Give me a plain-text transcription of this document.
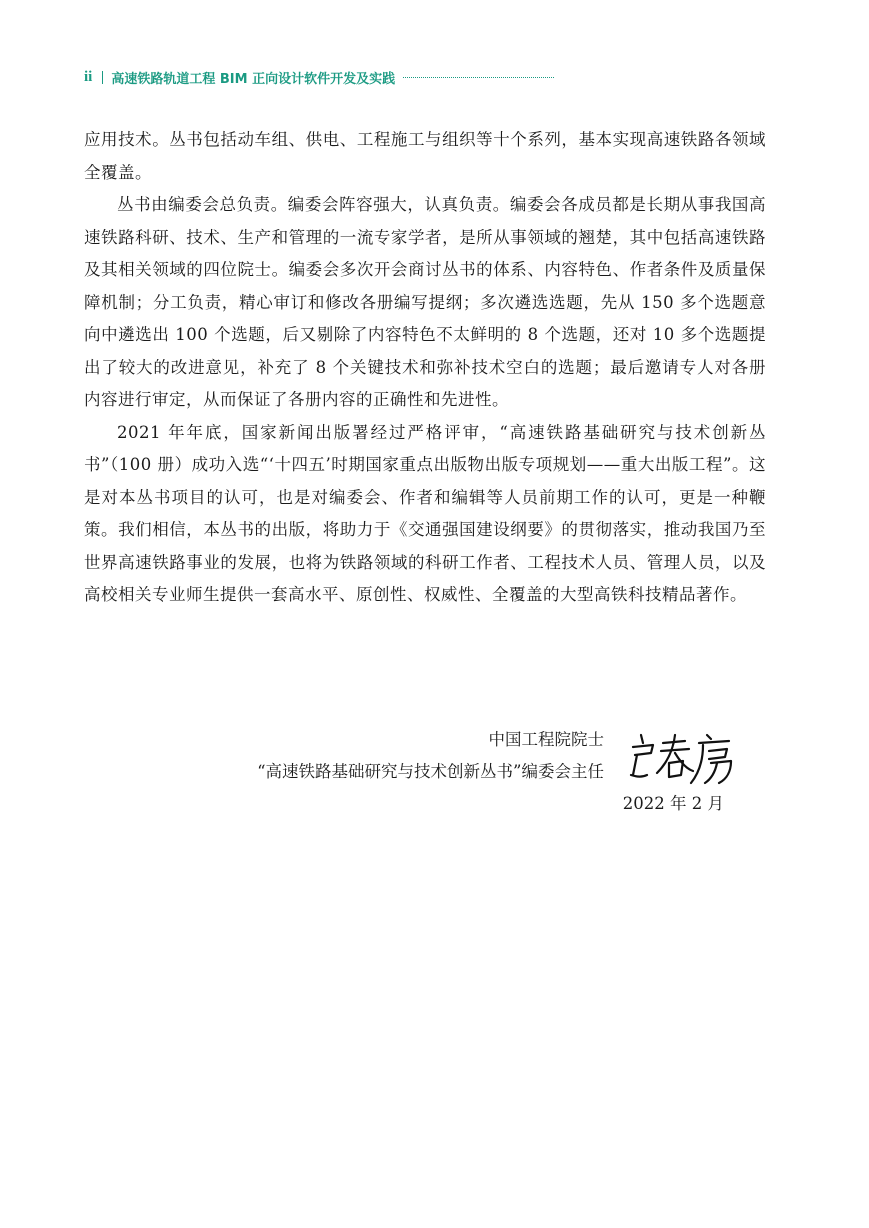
ii 高速铁路轨道工程 BIM 正向设计软件开发及实践

应用技术。丛书包括动车组、供电、工程施工与组织等十个系列，基本实现高速铁路各领域全覆盖。

丛书由编委会总负责。编委会阵容强大，认真负责。编委会各成员都是长期从事我国高速铁路科研、技术、生产和管理的一流专家学者，是所从事领域的翘楚，其中包括高速铁路及其相关领域的四位院士。编委会多次开会商讨丛书的体系、内容特色、作者条件及质量保障机制；分工负责，精心审订和修改各册编写提纲；多次遴选选题，先从 150 多个选题意向中遴选出 100 个选题，后又剔除了内容特色不太鲜明的 8 个选题，还对 10 多个选题提出了较大的改进意见，补充了 8 个关键技术和弥补技术空白的选题；最后邀请专人对各册内容进行审定，从而保证了各册内容的正确性和先进性。

2021 年年底，国家新闻出版署经过严格评审，“高速铁路基础研究与技术创新丛书”（100 册）成功入选“‘十四五’时期国家重点出版物出版专项规划——重大出版工程”。这是对本丛书项目的认可，也是对编委会、作者和编辑等人员前期工作的认可，更是一种鞭策。我们相信，本丛书的出版，将助力于《交通强国建设纲要》的贯彻落实，推动我国乃至世界高速铁路事业的发展，也将为铁路领域的科研工作者、工程技术人员、管理人员，以及高校相关专业师生提供一套高水平、原创性、权威性、全覆盖的大型高铁科技精品著作。

中国工程院院士
“高速铁路基础研究与技术创新丛书”编委会主任
2022 年 2 月
